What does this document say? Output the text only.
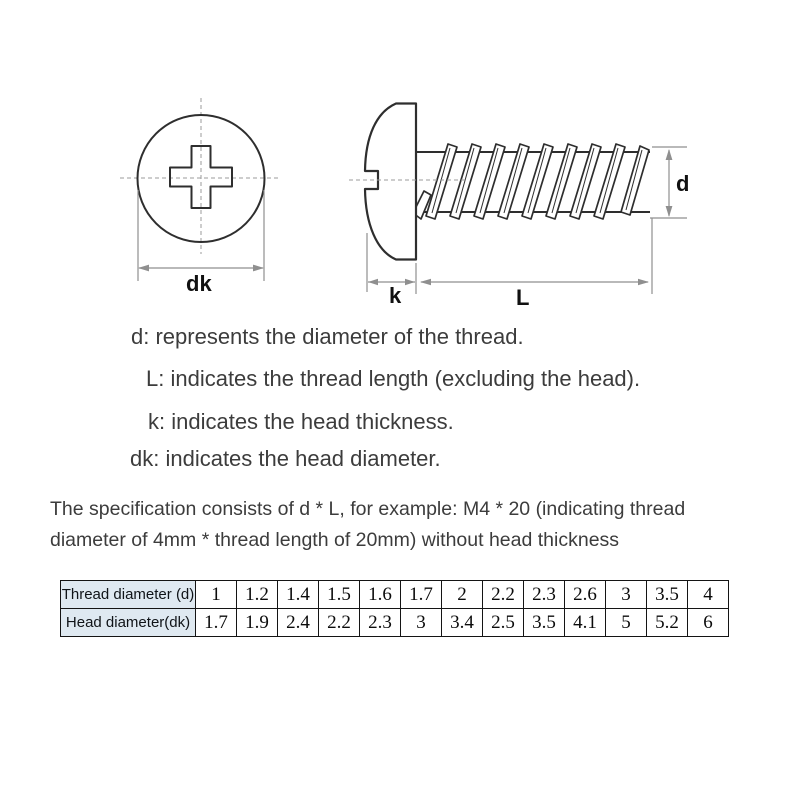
dk	k	L
d
d: represents the diameter of the thread.
L: indicates the thread length (excluding the head).
k: indicates the head thickness.
dk: indicates the head diameter.
The specification consists of d * L, for example: M4 * 20 (indicating thread
diameter of 4mm * thread length of 20mm) without head thickness
Thread diameter (d)	1	1.2	1.4	1.5	1.6	1.7	2	2.2	2.3	2.6	3	3.5	4
Head diameter(dk)	1.7	1.9	2.4	2.2	2.3	3	3.4	2.5	3.5	4.1	5	5.2	6
